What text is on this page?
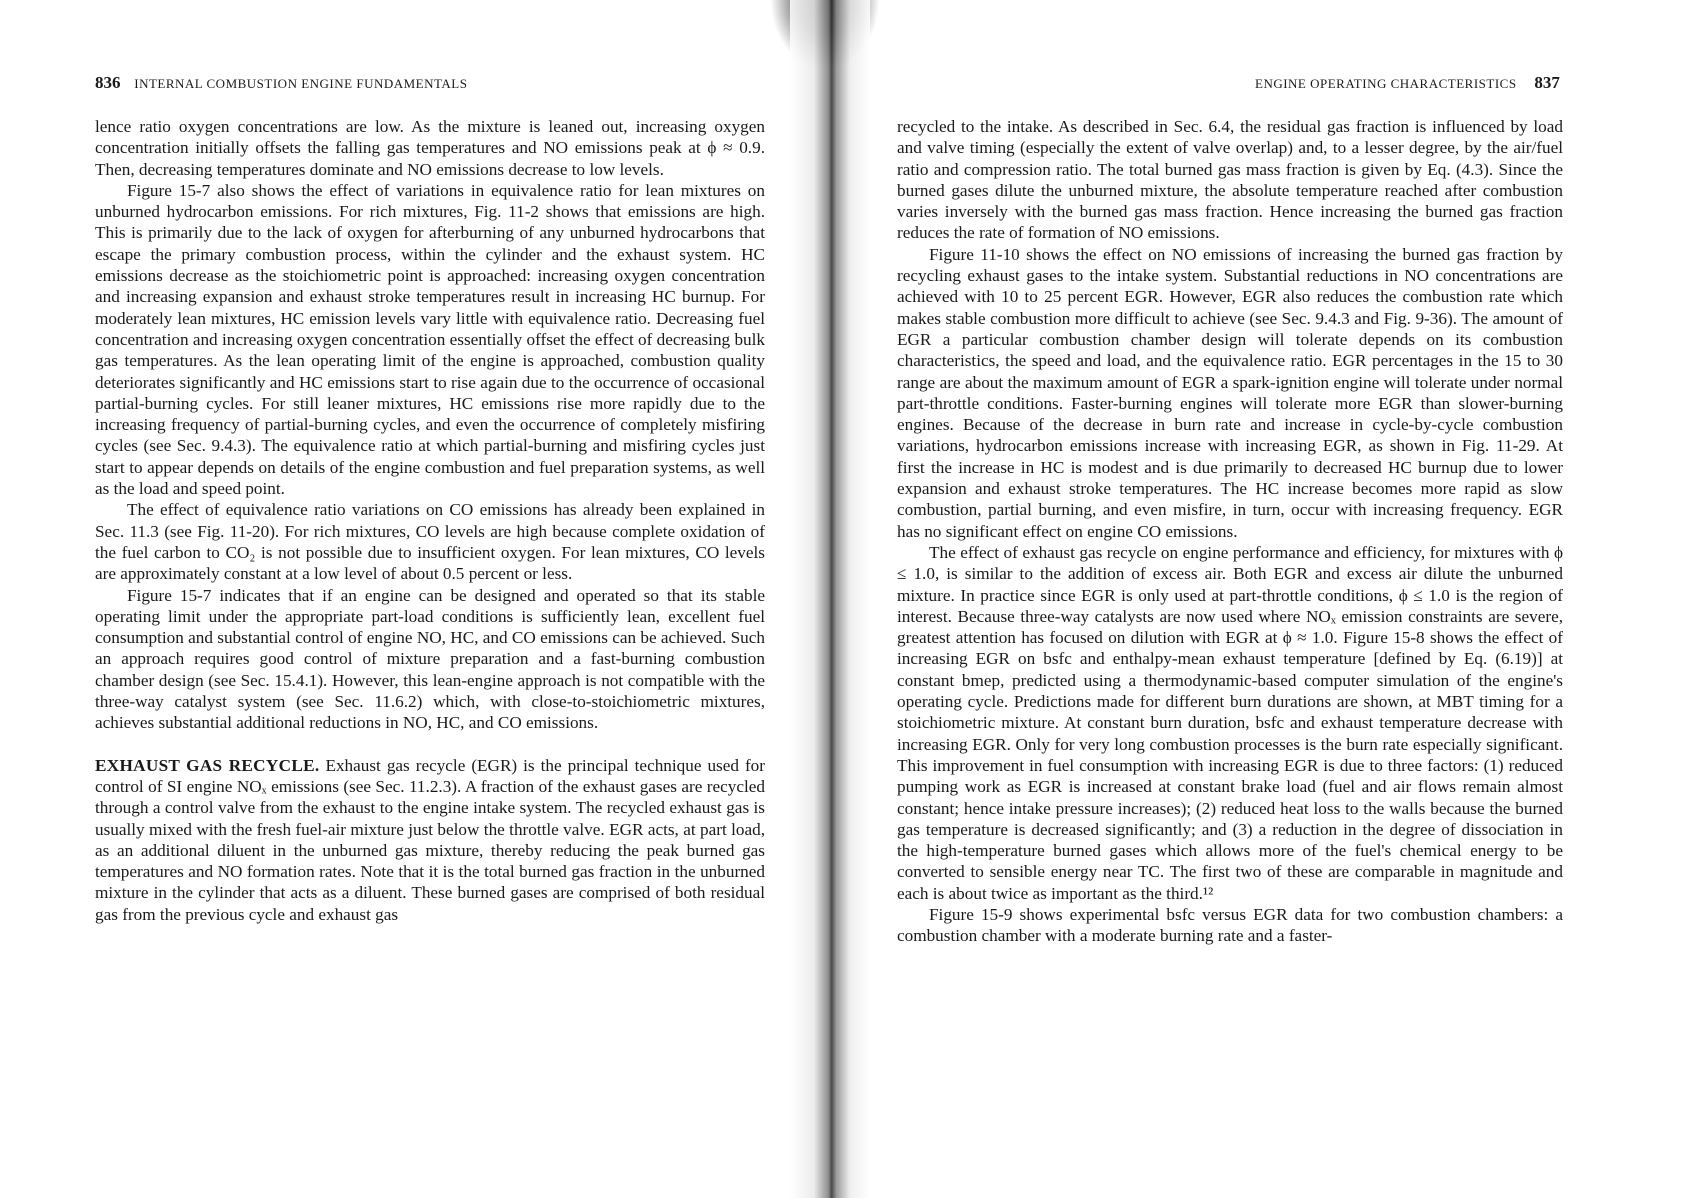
836 INTERNAL COMBUSTION ENGINE FUNDAMENTALS

lence ratio oxygen concentrations are low. As the mixture is leaned out, increasing oxygen concentration initially offsets the falling gas temperatures and NO emissions peak at ϕ ≈ 0.9. Then, decreasing temperatures dominate and NO emissions decrease to low levels.

Figure 15-7 also shows the effect of variations in equivalence ratio for lean mixtures on unburned hydrocarbon emissions. For rich mixtures, Fig. 11-2 shows that emissions are high. This is primarily due to the lack of oxygen for afterburning of any unburned hydrocarbons that escape the primary combustion process, within the cylinder and the exhaust system. HC emissions decrease as the stoichiometric point is approached: increasing oxygen concentration and increasing expansion and exhaust stroke temperatures result in increasing HC burnup. For moderately lean mixtures, HC emission levels vary little with equivalence ratio. Decreasing fuel concentration and increasing oxygen concentration essentially offset the effect of decreasing bulk gas temperatures. As the lean operating limit of the engine is approached, combustion quality deteriorates significantly and HC emissions start to rise again due to the occurrence of occasional partial-burning cycles. For still leaner mixtures, HC emissions rise more rapidly due to the increasing frequency of partial-burning cycles, and even the occurrence of completely misfiring cycles (see Sec. 9.4.3). The equivalence ratio at which partial-burning and misfiring cycles just start to appear depends on details of the engine combustion and fuel preparation systems, as well as the load and speed point.

The effect of equivalence ratio variations on CO emissions has already been explained in Sec. 11.3 (see Fig. 11-20). For rich mixtures, CO levels are high because complete oxidation of the fuel carbon to CO₂ is not possible due to insufficient oxygen. For lean mixtures, CO levels are approximately constant at a low level of about 0.5 percent or less.

Figure 15-7 indicates that if an engine can be designed and operated so that its stable operating limit under the appropriate part-load conditions is sufficiently lean, excellent fuel consumption and substantial control of engine NO, HC, and CO emissions can be achieved. Such an approach requires good control of mixture preparation and a fast-burning combustion chamber design (see Sec. 15.4.1). However, this lean-engine approach is not compatible with the three-way catalyst system (see Sec. 11.6.2) which, with close-to-stoichiometric mixtures, achieves substantial additional reductions in NO, HC, and CO emissions.

EXHAUST GAS RECYCLE. Exhaust gas recycle (EGR) is the principal technique used for control of SI engine NOₓ emissions (see Sec. 11.2.3). A fraction of the exhaust gases are recycled through a control valve from the exhaust to the engine intake system. The recycled exhaust gas is usually mixed with the fresh fuel-air mixture just below the throttle valve. EGR acts, at part load, as an additional diluent in the unburned gas mixture, thereby reducing the peak burned gas temperatures and NO formation rates. Note that it is the total burned gas fraction in the unburned mixture in the cylinder that acts as a diluent. These burned gases are comprised of both residual gas from the previous cycle and exhaust gas

ENGINE OPERATING CHARACTERISTICS 837

recycled to the intake. As described in Sec. 6.4, the residual gas fraction is influenced by load and valve timing (especially the extent of valve overlap) and, to a lesser degree, by the air/fuel ratio and compression ratio. The total burned gas mass fraction is given by Eq. (4.3). Since the burned gases dilute the unburned mixture, the absolute temperature reached after combustion varies inversely with the burned gas mass fraction. Hence increasing the burned gas fraction reduces the rate of formation of NO emissions.

Figure 11-10 shows the effect on NO emissions of increasing the burned gas fraction by recycling exhaust gases to the intake system. Substantial reductions in NO concentrations are achieved with 10 to 25 percent EGR. However, EGR also reduces the combustion rate which makes stable combustion more difficult to achieve (see Sec. 9.4.3 and Fig. 9-36). The amount of EGR a particular combustion chamber design will tolerate depends on its combustion characteristics, the speed and load, and the equivalence ratio. EGR percentages in the 15 to 30 range are about the maximum amount of EGR a spark-ignition engine will tolerate under normal part-throttle conditions. Faster-burning engines will tolerate more EGR than slower-burning engines. Because of the decrease in burn rate and increase in cycle-by-cycle combustion variations, hydrocarbon emissions increase with increasing EGR, as shown in Fig. 11-29. At first the increase in HC is modest and is due primarily to decreased HC burnup due to lower expansion and exhaust stroke temperatures. The HC increase becomes more rapid as slow combustion, partial burning, and even misfire, in turn, occur with increasing frequency. EGR has no significant effect on engine CO emissions.

The effect of exhaust gas recycle on engine performance and efficiency, for mixtures with ϕ ≤ 1.0, is similar to the addition of excess air. Both EGR and excess air dilute the unburned mixture. In practice since EGR is only used at part-throttle conditions, ϕ ≤ 1.0 is the region of interest. Because three-way catalysts are now used where NOₓ emission constraints are severe, greatest attention has focused on dilution with EGR at ϕ ≈ 1.0. Figure 15-8 shows the effect of increasing EGR on bsfc and enthalpy-mean exhaust temperature [defined by Eq. (6.19)] at constant bmep, predicted using a thermodynamic-based computer simulation of the engine's operating cycle. Predictions made for different burn durations are shown, at MBT timing for a stoichiometric mixture. At constant burn duration, bsfc and exhaust temperature decrease with increasing EGR. Only for very long combustion processes is the burn rate especially significant. This improvement in fuel consumption with increasing EGR is due to three factors: (1) reduced pumping work as EGR is increased at constant brake load (fuel and air flows remain almost constant; hence intake pressure increases); (2) reduced heat loss to the walls because the burned gas temperature is decreased significantly; and (3) a reduction in the degree of dissociation in the high-temperature burned gases which allows more of the fuel's chemical energy to be converted to sensible energy near TC. The first two of these are comparable in magnitude and each is about twice as important as the third.¹²

Figure 15-9 shows experimental bsfc versus EGR data for two combustion chambers: a combustion chamber with a moderate burning rate and a faster-
